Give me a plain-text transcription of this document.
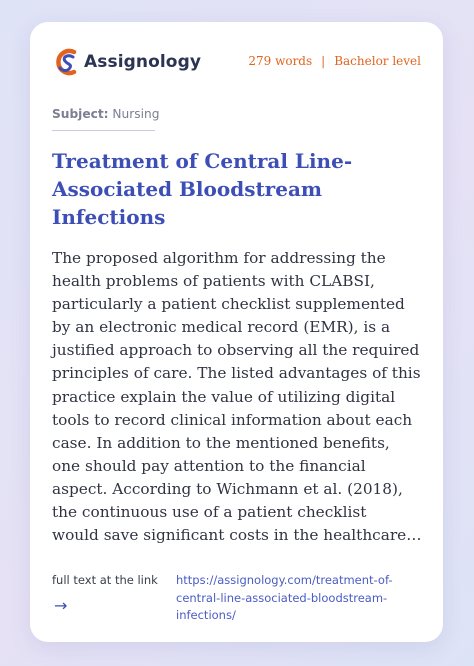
Assignology	279 words | Bachelor level
Subject: Nursing
Treatment of Central Line-
Associated Bloodstream
Infections
The proposed algorithm for addressing the
health problems of patients with CLABSI,
particularly a patient checklist supplemented
by an electronic medical record (EMR), is a
justified approach to observing all the required
principles of care. The listed advantages of this
practice explain the value of utilizing digital
tools to record clinical information about each
case. In addition to the mentioned benefits,
one should pay attention to the financial
aspect. According to Wichmann et al. (2018),
the continuous use of a patient checklist
would save significant costs in the healthcare…
full text at the link
→
https://assignology.com/treatment-of-
central-line-associated-bloodstream-
infections/
